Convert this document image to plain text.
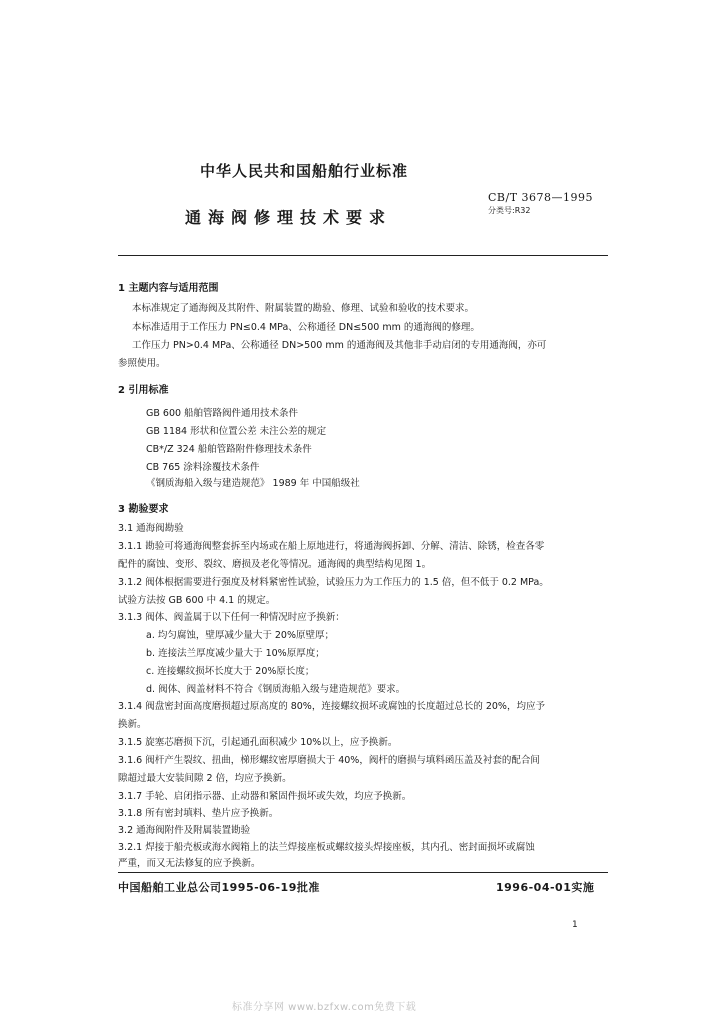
中华人民共和国船舶行业标准
CB/T 3678—1995
分类号:R32
通海阀修理技术要求
1 主题内容与适用范围
本标准规定了通海阀及其附件、附属装置的勘验、修理、试验和验收的技术要求。
本标准适用于工作压力 PN≤0.4 MPa、公称通径 DN≤500 mm 的通海阀的修理。
工作压力 PN>0.4 MPa、公称通径 DN>500 mm 的通海阀及其他非手动启闭的专用通海阀，亦可
参照使用。
2 引用标准
GB 600 船舶管路阀件通用技术条件
GB 1184 形状和位置公差 未注公差的规定
CB*/Z 324 船舶管路附件修理技术条件
CB 765 涂料涂覆技术条件
《钢质海船入级与建造规范》 1989 年 中国船级社
3 勘验要求
3.1 通海阀勘验
3.1.1 勘验可将通海阀整套拆至内场或在船上原地进行，将通海阀拆卸、分解、清洁、除锈，检查各零
配件的腐蚀、变形、裂纹、磨损及老化等情况。通海阀的典型结构见图 1。
3.1.2 阀体根据需要进行强度及材料紧密性试验，试验压力为工作压力的 1.5 倍，但不低于 0.2 MPa。
试验方法按 GB 600 中 4.1 的规定。
3.1.3 阀体、阀盖属于以下任何一种情况时应予换新：
a. 均匀腐蚀，壁厚减少量大于 20%原壁厚；
b. 连接法兰厚度减少量大于 10%原厚度；
c. 连接螺纹损坏长度大于 20%原长度；
d. 阀体、阀盖材料不符合《钢质海船入级与建造规范》要求。
3.1.4 阀盘密封面高度磨损超过原高度的 80%，连接螺纹损坏或腐蚀的长度超过总长的 20%，均应予
换新。
3.1.5 旋塞芯磨损下沉，引起通孔面积减少 10%以上，应予换新。
3.1.6 阀杆产生裂纹、扭曲，梯形螺纹密厚磨损大于 40%，阀杆的磨损与填料函压盖及衬套的配合间
隙超过最大安装间隙 2 倍，均应予换新。
3.1.7 手轮、启闭指示器、止动器和紧固件损坏或失效，均应予换新。
3.1.8 所有密封填料、垫片应予换新。
3.2 通海阀附件及附属装置勘验
3.2.1 焊接于船壳板或海水阀箱上的法兰焊接座板或螺纹接头焊接座板，其内孔、密封面损坏或腐蚀
严重，而又无法修复的应予换新。
中国船舶工业总公司1995-06-19批准	1996-04-01实施
1
标准分享网 www.bzfxw.com免费下载
